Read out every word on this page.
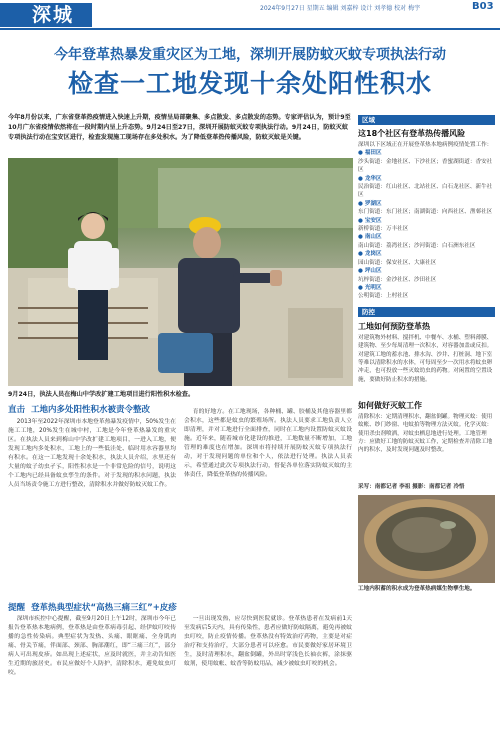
深城	2024年9月27日 星期五 编辑 刘嘉梓 设计 刘孝德 校对 梅宇	B03
今年登革热暴发重灾区为工地，深圳开展防蚊灭蚊专项执法行动
检查一工地发现十余处阳性积水
今年8月份以来，广东省登革热疫情进入快速上升期，疫情呈局部聚集、多点散发、多点散发的态势。专家评估认为，预计9至10月广东省疫情依然将在一段时期内呈上升态势。9月24日至27日，深圳开展防蚊灭蚊专项执法行动。9月24日，防蚊灭蚊专项执法行动在宝安区进行，检查发现施工现场存在多处积水。为了降低登革热传播风险，防蚊灭蚊是关键。
9月24日，执法人员在梅山中学改扩建工地项目进行阳性积水检查。
直击 工地内多处阳性积水被责令整改
2013年至2022年深圳市本地登革热暴发疫情中，50%发生在施工工地，20%发生在城中村，工地是今年登革热暴发的重灾区。在执法人员来到梅山中学改扩建工地项目，一进入工地，便发现工地内多处积水，工地上的一些低洼处、临时用水容器里均有积水。在这一工地发现十余处积水，执法人员介绍，水里还有大量的蚊子幼虫孑孓，阳性积水是一个非常危险的信号，说明这个工地内已经具备蚊虫孳生的条件。对于发现的积水问题，执法人员当场责令施工方进行整改，清除积水并做好防蚊灭蚊工作。
育的好地方。在工地现场，各种桶、罐、胶桶及其他容器里都会积水，这些都是蚊虫的繁殖场所。执法人员要求工地负责人立即清理，并对工地进行全面排查，同时在工地内设置防蚊灭蚊设施。近年来，随着城市化建设的推进，工地数量不断增加，工地管理的难度也在增加。深圳市将持续开展防蚊灭蚊专项执法行动，对于发现问题的单位和个人，依法进行处理。执法人员表示，希望通过此次专项执法行动，督促各单位落实防蚊灭蚊的主体责任，降低登革热的传播风险。
提醒 登革热典型症状“高热三痛三红”+皮疹
深圳市疾控中心提醒，截至9月20日上午12时，深圳市今年已报告登革热本地病例，登革热是由登革病毒引起、经伊蚊叮咬传播的急性传染病。典型症状为发热、头痛、眼眶痛、全身肌肉痛、骨关节痛，伴面部、颈部、胸部潮红，即“三痛三红”，部分病人可出现皮疹。如出现上述症状，应及时就医，并主动告知医生近期的旅居史。市民应做好个人防护，清除积水，避免蚊虫叮咬。
一旦出现发热，应尽快到医院就诊。登革热患者在发病前1天至发病后5天内，具有传染性，患者应做好防蚊隔离，避免再被蚊虫叮咬，防止疫情传播。登革热没有特效治疗药物，主要是对症治疗和支持治疗，大部分患者可以痊愈。市民要做好家居环境卫生，及时清理积水，翻盆倒罐，外出时穿浅色长袖衣裤，涂抹驱蚊剂，使用蚊帐、蚊香等防蚊用品，减少被蚊虫叮咬的机会。
区域
这18个社区有登革热传播风险
深圳以下区域正在开展登革热本地病例疫情处置工作：
● 福田区
沙头街道：金地社区、下沙社区；香蜜湖街道：香安社区
● 龙华区
民治街道：红山社区、北站社区、白石龙社区、新牛社区
● 罗湖区
东门街道：东门社区；南湖街道：向西社区、渔邨社区
● 宝安区
新桥街道：万丰社区
● 南山区
南山街道：荔湾社区；沙河街道：白石洲东社区
● 龙岗区
园山街道：保安社区、大康社区
● 坪山区
坑梓街道：金沙社区、沙田社区
● 光明区
公明街道：上村社区
防控
工地如何预防登革热
对建筑物外材料、搅拌机、中餐车、水桶、塑料薄膜、建筑物、至少每周清理一次积水，对容器加盖或反扣。对建筑工地的蓄水池、排水沟、沙井、打桩洞、地下室等难以清除积水的水体，可每周至少一次用水将蚊虫卵冲走，也可投放一些灭蚊幼虫的药物。对闲置的空置设施，要做好防止积水的措施。
如何做好灭蚊工作
清除积水：定期清理积水，翻盆倒罐。物理灭蚊：使用蚊帐、纱门纱窗、电蚊拍等物理方法灭蚊。化学灭蚊：使用杀虫剂喷洒，对蚊虫栖息地进行处理。工地管理方：应做好工地的防蚊灭蚊工作，定期检查并清除工地内的积水，及时发现问题及时整改。
采写：南都记者 李祖 摄影：南都记者 冷悟
工地内积蓄的积水成为登革热病媒生物孳生地。
